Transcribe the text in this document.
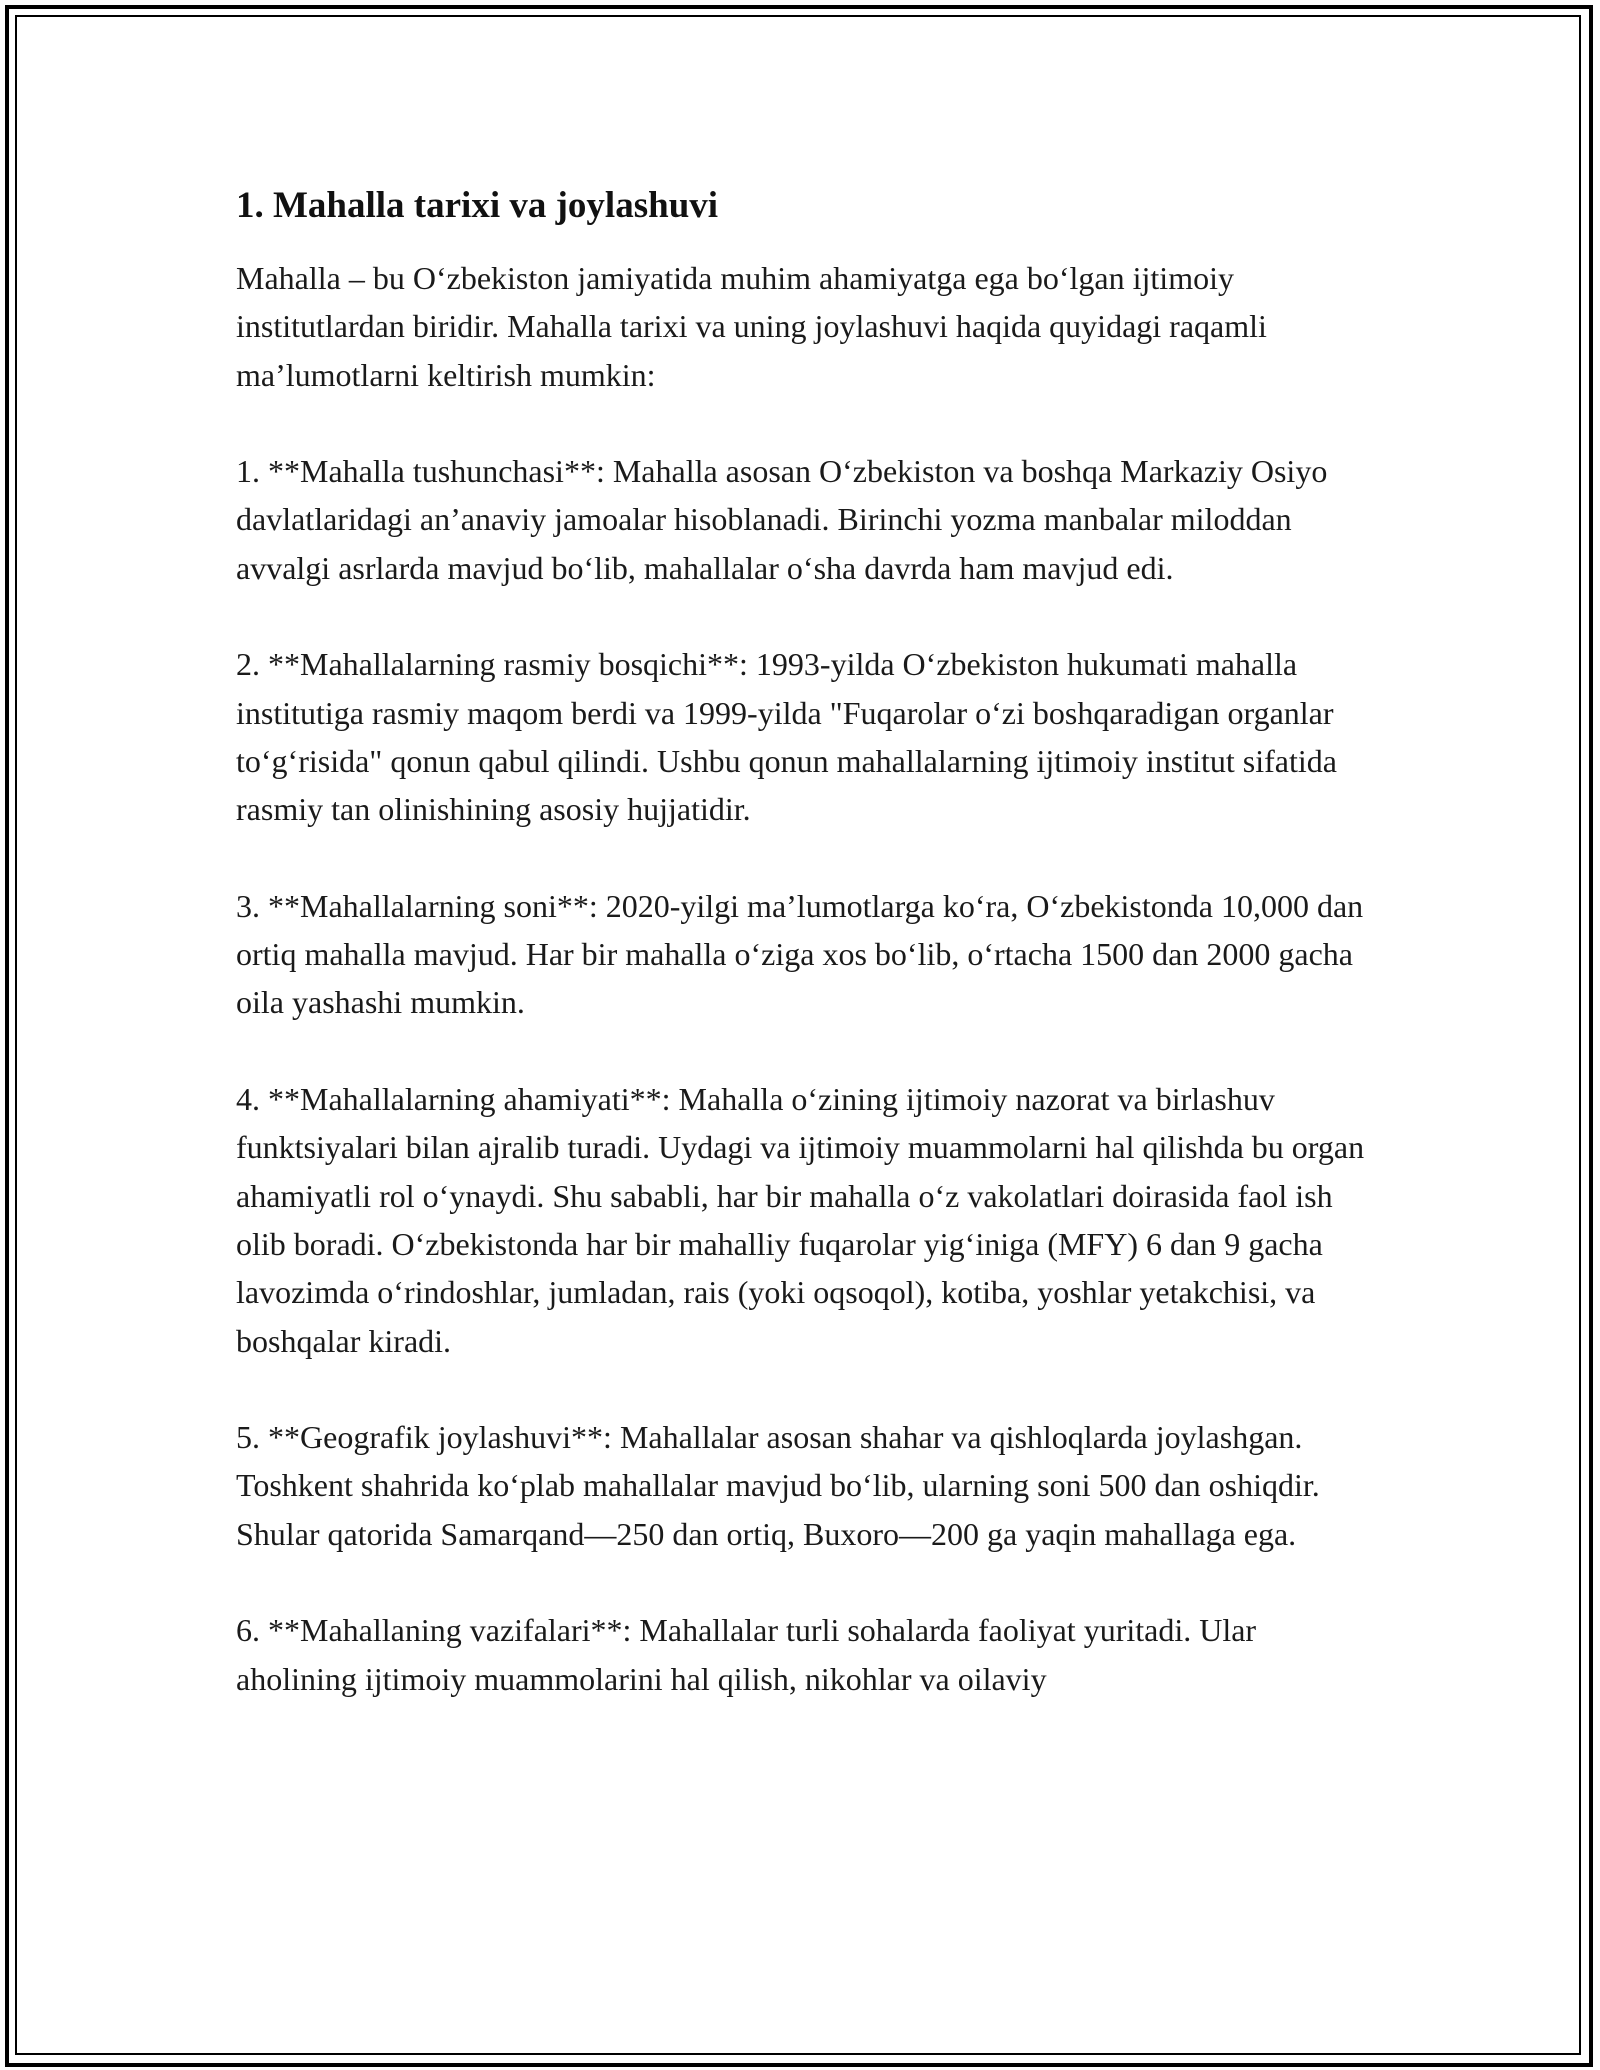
1. Mahalla tarixi va joylashuvi

Mahalla – bu O‘zbekiston jamiyatida muhim ahamiyatga ega bo‘lgan ijtimoiy institutlardan biridir. Mahalla tarixi va uning joylashuvi haqida quyidagi raqamli ma’lumotlarni keltirish mumkin:

1. **Mahalla tushunchasi**: Mahalla asosan O‘zbekiston va boshqa Markaziy Osiyo davlatlaridagi an’anaviy jamoalar hisoblanadi. Birinchi yozma manbalar miloddan avvalgi asrlarda mavjud bo‘lib, mahallalar o‘sha davrda ham mavjud edi.

2. **Mahallalarning rasmiy bosqichi**: 1993-yilda O‘zbekiston hukumati mahalla institutiga rasmiy maqom berdi va 1999-yilda "Fuqarolar o‘zi boshqaradigan organlar to‘g‘risida" qonun qabul qilindi. Ushbu qonun mahallalarning ijtimoiy institut sifatida rasmiy tan olinishining asosiy hujjatidir.

3. **Mahallalarning soni**: 2020-yilgi ma’lumotlarga ko‘ra, O‘zbekistonda 10,000 dan ortiq mahalla mavjud. Har bir mahalla o‘ziga xos bo‘lib, o‘rtacha 1500 dan 2000 gacha oila yashashi mumkin.

4. **Mahallalarning ahamiyati**: Mahalla o‘zining ijtimoiy nazorat va birlashuv funktsiyalari bilan ajralib turadi. Uydagi va ijtimoiy muammolarni hal qilishda bu organ ahamiyatli rol o‘ynaydi. Shu sababli, har bir mahalla o‘z vakolatlari doirasida faol ish olib boradi. O‘zbekistonda har bir mahalliy fuqarolar yig‘iniga (MFY) 6 dan 9 gacha lavozimda o‘rindoshlar, jumladan, rais (yoki oqsoqol), kotiba, yoshlar yetakchisi, va boshqalar kiradi.

5. **Geografik joylashuvi**: Mahallalar asosan shahar va qishloqlarda joylashgan. Toshkent shahrida ko‘plab mahallalar mavjud bo‘lib, ularning soni 500 dan oshiqdir. Shular qatorida Samarqand—250 dan ortiq, Buxoro—200 ga yaqin mahallaga ega.

6. **Mahallaning vazifalari**: Mahallalar turli sohalarda faoliyat yuritadi. Ular aholining ijtimoiy muammolarini hal qilish, nikohlar va oilaviy
